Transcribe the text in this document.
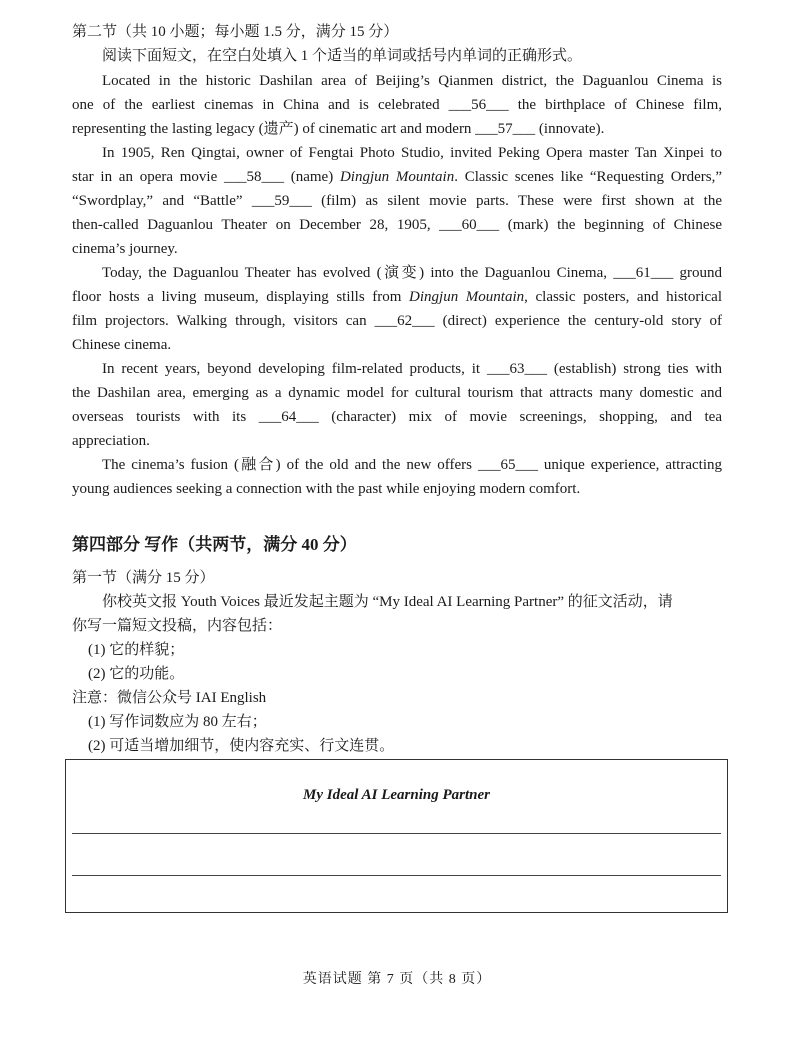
第二节（共 10 小题；每小题 1.5 分，满分 15 分）
阅读下面短文，在空白处填入 1 个适当的单词或括号内单词的正确形式。
Located in the historic Dashilan area of Beijing’s Qianmen district, the Daguanlou Cinema is
one of the earliest cinemas in China and is celebrated ___56___ the birthplace of Chinese film,
representing the lasting legacy (遗产) of cinematic art and modern ___57___ (innovate).
In 1905, Ren Qingtai, owner of Fengtai Photo Studio, invited Peking Opera master Tan Xinpei to
star in an opera movie ___58___ (name) Dingjun Mountain. Classic scenes like “Requesting Orders,”
“Swordplay,” and “Battle” ___59___ (film) as silent movie parts. These were first shown at the
then-called Daguanlou Theater on December 28, 1905, ___60___ (mark) the beginning of Chinese
cinema’s journey.
Today, the Daguanlou Theater has evolved (演变) into the Daguanlou Cinema, ___61___ ground
floor hosts a living museum, displaying stills from Dingjun Mountain, classic posters, and historical
film projectors. Walking through, visitors can ___62___ (direct) experience the century-old story of
Chinese cinema.
In recent years, beyond developing film-related products, it ___63___ (establish) strong ties with
the Dashilan area, emerging as a dynamic model for cultural tourism that attracts many domestic and
overseas tourists with its ___64___ (character) mix of movie screenings, shopping, and tea
appreciation.
The cinema’s fusion (融合) of the old and the new offers ___65___ unique experience, attracting
young audiences seeking a connection with the past while enjoying modern comfort.
第四部分 写作（共两节，满分 40 分）
第一节（满分 15 分）
你校英文报 Youth Voices 最近发起主题为 “My Ideal AI Learning Partner” 的征文活动，请
你写一篇短文投稿，内容包括：
(1) 它的样貌；
(2) 它的功能。
注意：微信公众号 IAI English
(1) 写作词数应为 80 左右；
(2) 可适当增加细节，使内容充实、行文连贯。
My Ideal AI Learning Partner
英语试题 第 7 页（共 8 页）
